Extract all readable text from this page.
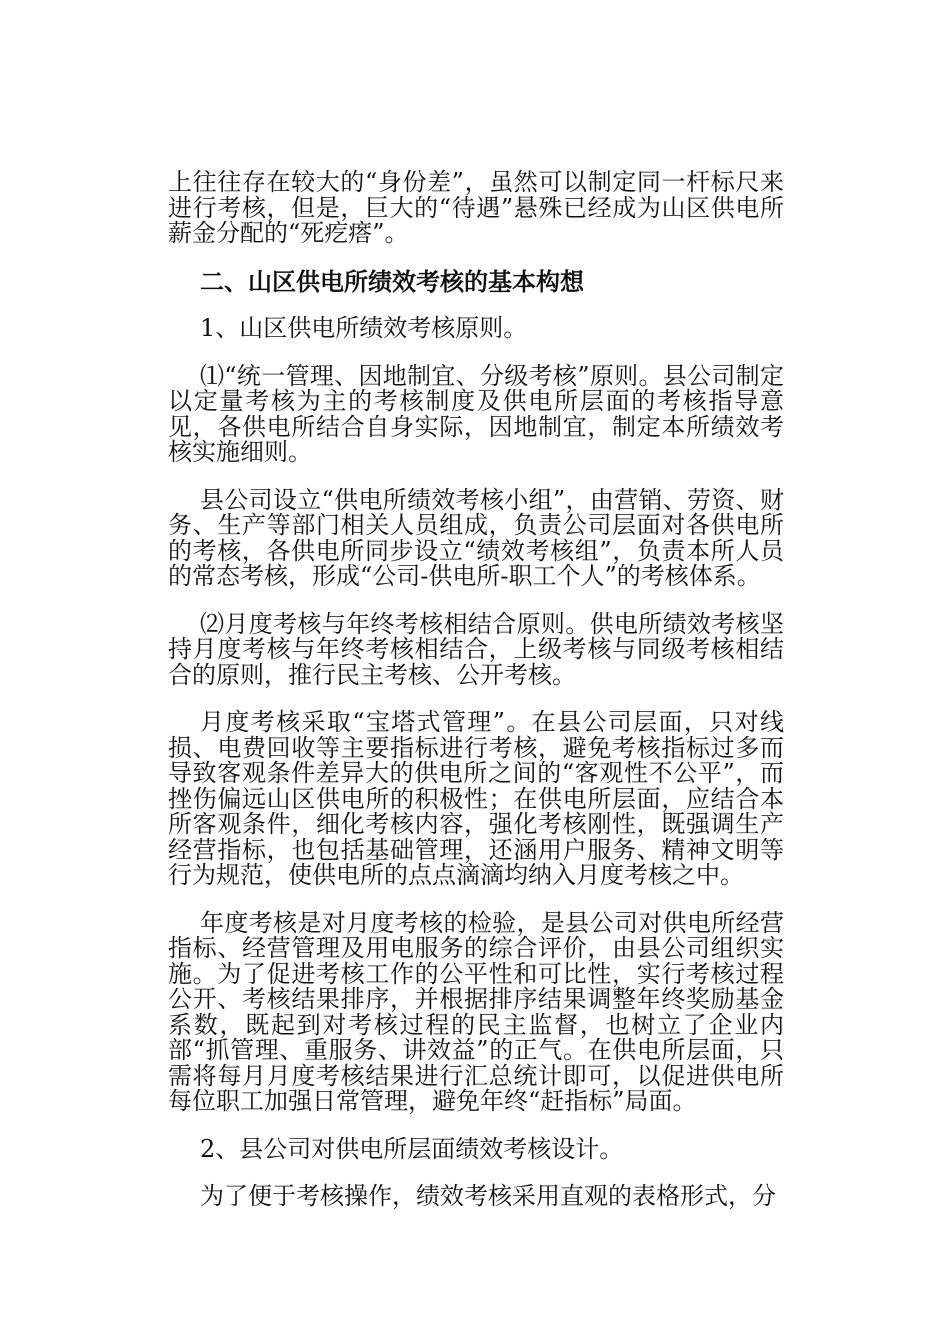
上往往存在较大的“身份差”，虽然可以制定同一杆标尺来进行考核，但是，巨大的“待遇”悬殊已经成为山区供电所薪金分配的“死疙瘩”。

二、山区供电所绩效考核的基本构想

1、山区供电所绩效考核原则。

⑴“统一管理、因地制宜、分级考核”原则。县公司制定以定量考核为主的考核制度及供电所层面的考核指导意见，各供电所结合自身实际，因地制宜，制定本所绩效考核实施细则。

县公司设立“供电所绩效考核小组”，由营销、劳资、财务、生产等部门相关人员组成，负责公司层面对各供电所的考核，各供电所同步设立“绩效考核组”，负责本所人员的常态考核，形成“公司-供电所-职工个人”的考核体系。

⑵月度考核与年终考核相结合原则。供电所绩效考核坚持月度考核与年终考核相结合，上级考核与同级考核相结合的原则，推行民主考核、公开考核。

月度考核采取“宝塔式管理”。在县公司层面，只对线损、电费回收等主要指标进行考核，避免考核指标过多而导致客观条件差异大的供电所之间的“客观性不公平”，而挫伤偏远山区供电所的积极性；在供电所层面，应结合本所客观条件，细化考核内容，强化考核刚性，既强调生产经营指标，也包括基础管理，还涵用户服务、精神文明等行为规范，使供电所的点点滴滴均纳入月度考核之中。

年度考核是对月度考核的检验，是县公司对供电所经营指标、经营管理及用电服务的综合评价，由县公司组织实施。为了促进考核工作的公平性和可比性，实行考核过程公开、考核结果排序，并根据排序结果调整年终奖励基金系数，既起到对考核过程的民主监督，也树立了企业内部“抓管理、重服务、讲效益”的正气。在供电所层面，只需将每月月度考核结果进行汇总统计即可，以促进供电所每位职工加强日常管理，避免年终“赶指标”局面。

2、县公司对供电所层面绩效考核设计。

为了便于考核操作，绩效考核采用直观的表格形式，分
